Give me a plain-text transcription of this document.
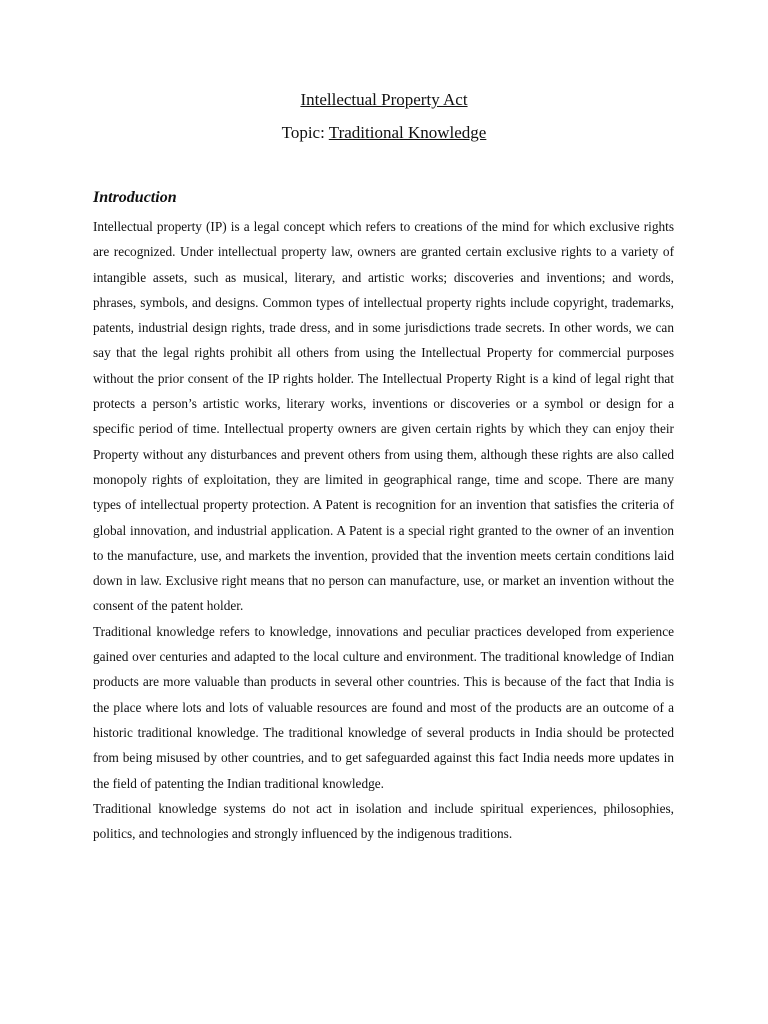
Intellectual Property Act
Topic: Traditional Knowledge
Introduction

Intellectual property (IP) is a legal concept which refers to creations of the mind for which exclusive rights are recognized. Under intellectual property law, owners are granted certain exclusive rights to a variety of intangible assets, such as musical, literary, and artistic works; discoveries and inventions; and words, phrases, symbols, and designs. Common types of intellectual property rights include copyright, trademarks, patents, industrial design rights, trade dress, and in some jurisdictions trade secrets. In other words, we can say that the legal rights prohibit all others from using the Intellectual Property for commercial purposes without the prior consent of the IP rights holder. The Intellectual Property Right is a kind of legal right that protects a person’s artistic works, literary works, inventions or discoveries or a symbol or design for a specific period of time. Intellectual property owners are given certain rights by which they can enjoy their Property without any disturbances and prevent others from using them, although these rights are also called monopoly rights of exploitation, they are limited in geographical range, time and scope. There are many types of intellectual property protection. A Patent is recognition for an invention that satisfies the criteria of global innovation, and industrial application. A Patent is a special right granted to the owner of an invention to the manufacture, use, and markets the invention, provided that the invention meets certain conditions laid down in law. Exclusive right means that no person can manufacture, use, or market an invention without the consent of the patent holder.

Traditional knowledge refers to knowledge, innovations and peculiar practices developed from experience gained over centuries and adapted to the local culture and environment. The traditional knowledge of Indian products are more valuable than products in several other countries. This is because of the fact that India is the place where lots and lots of valuable resources are found and most of the products are an outcome of a historic traditional knowledge. The traditional knowledge of several products in India should be protected from being misused by other countries, and to get safeguarded against this fact India needs more updates in the field of patenting the Indian traditional knowledge.

Traditional knowledge systems do not act in isolation and include spiritual experiences, philosophies, politics, and technologies and strongly influenced by the indigenous traditions.
